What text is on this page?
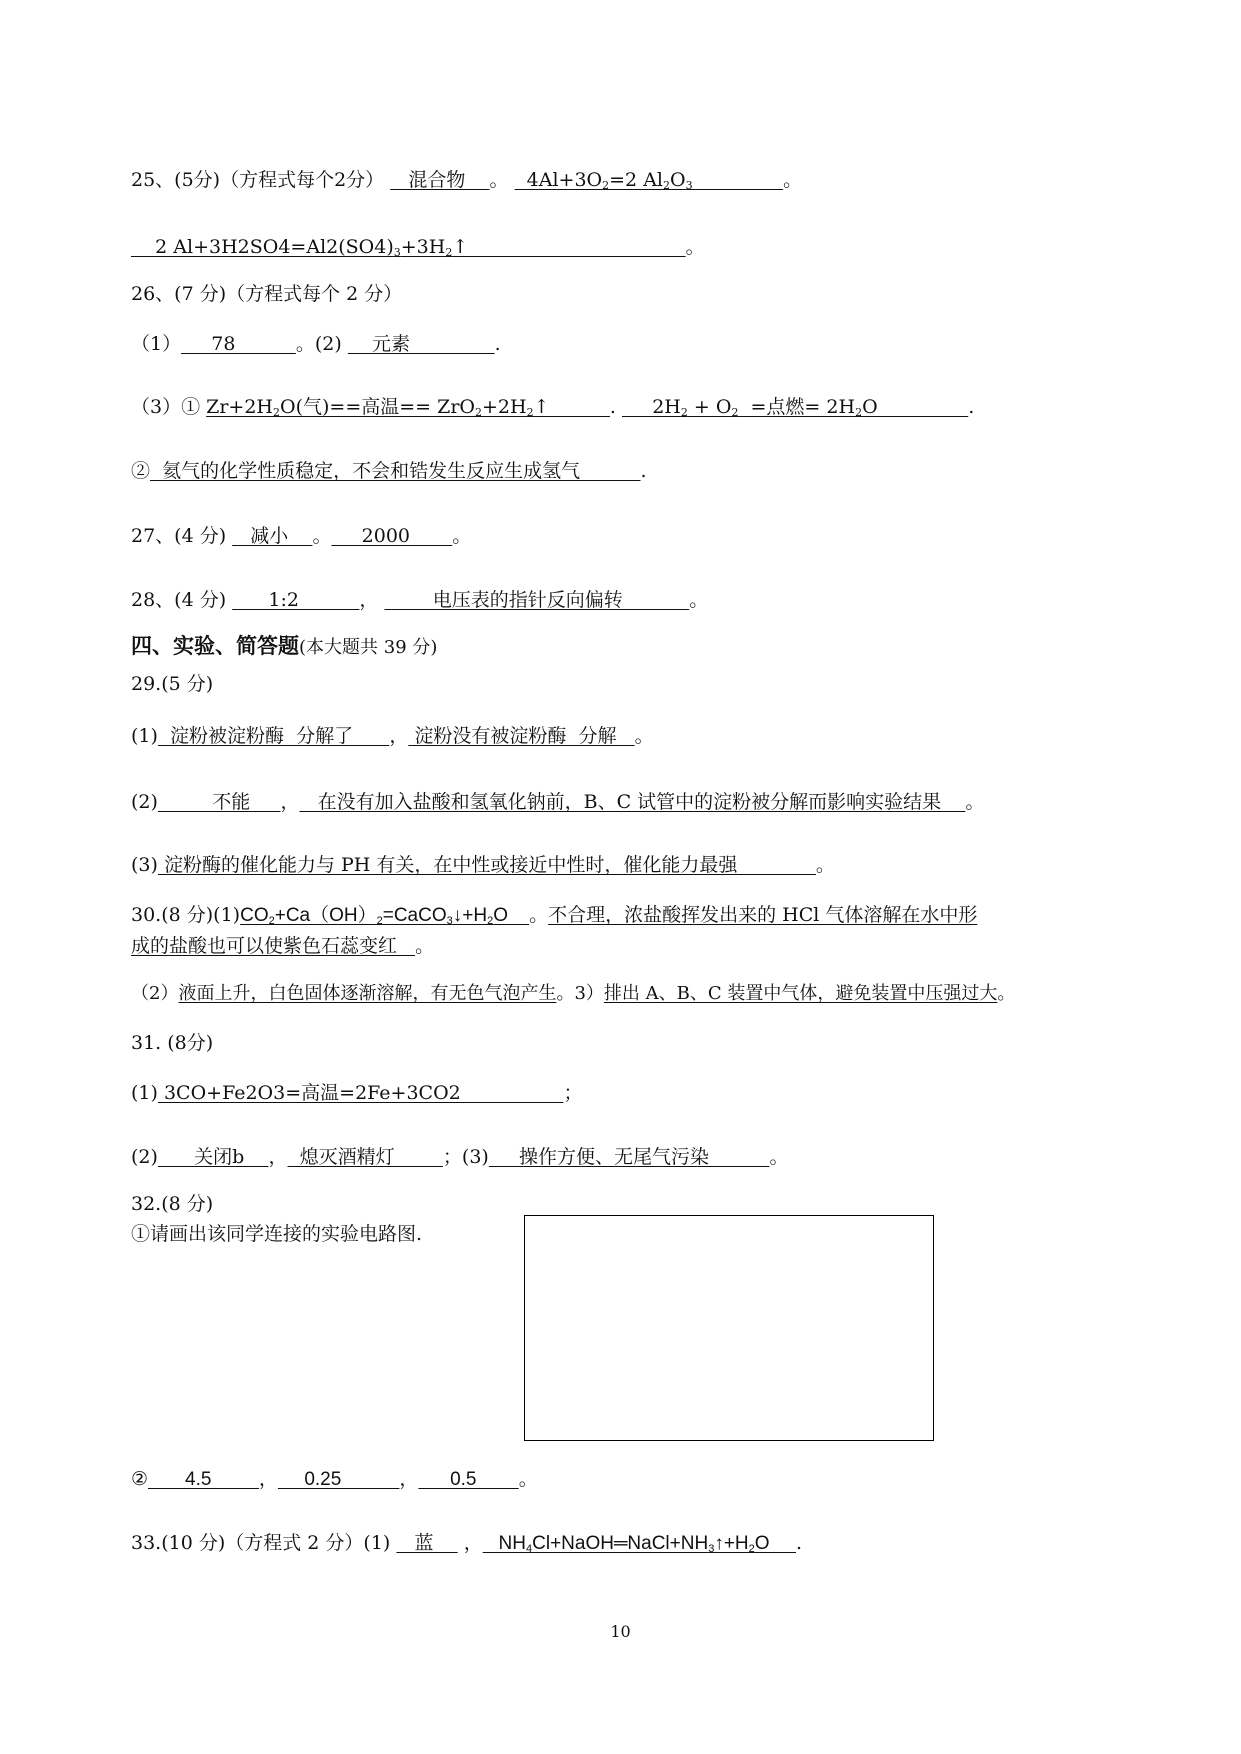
25、(5分)（方程式每个2分）    混合物    。   $4Al+3O_2=2$ $Al_2O_3$	。
2 $Al+3H2SO4=Al2(SO4)_3+3H_2↑$                                    。
26、(7 分)（方程式每个 2 分）
（1）     78          。(2)     元素              .
（3）① $Zr+2H_2O$(气)==高温== $ZrO_2+2H_2↑$          .      $2H_2 + O_2$  =点燃= $2H_2O$               .
②  氦气的化学性质稳定，不会和锆发生反应生成氢气          .
27、(4 分)    减小    。     2000       。
28、(4 分)       1:2          ，         电压表的指针反向偏转           。
四、实验、简答题(本大题共 39 分)
29.(5 分)
(1)  淀粉被淀粉酶  分解了      ， 淀粉没有被淀粉酶  分解   。
(2)         不能     ，   在没有加入盐酸和氢氧化钠前，B、C 试管中的淀粉被分解而影响实验结果    。
(3) 淀粉酶的催化能力与 PH 有关，在中性或接近中性时，催化能力最强             。
30.(8 分)$(1)CO_2+Ca(OH)_2=CaCO_3↓+H_2O$    。不合理，浓盐酸挥发出来的 HCl 气体溶解在水中形
成的盐酸也可以使紫色石蕊变红   。
（2）液面上升，白色固体逐渐溶解，有无色气泡产生。3）排出 A、B、C 装置中气体，避免装置中压强过大。
31. (8分)
(1) 3CO+Fe2O3=高温=2Fe+3CO2                 ；
(2)      关闭b    ，  熄灭酒精灯        ；(3)     操作方便、无尾气污染          。
32.(8 分)
①请画出该同学连接的实验电路图.
②       4.5         ，     0.25           ，      0.5        。
33.(10 分)（方程式 2 分）(1)    蓝     ，   $NH_4Cl+NaOH═NaCl+NH_3↑+H_2O$     .
10
